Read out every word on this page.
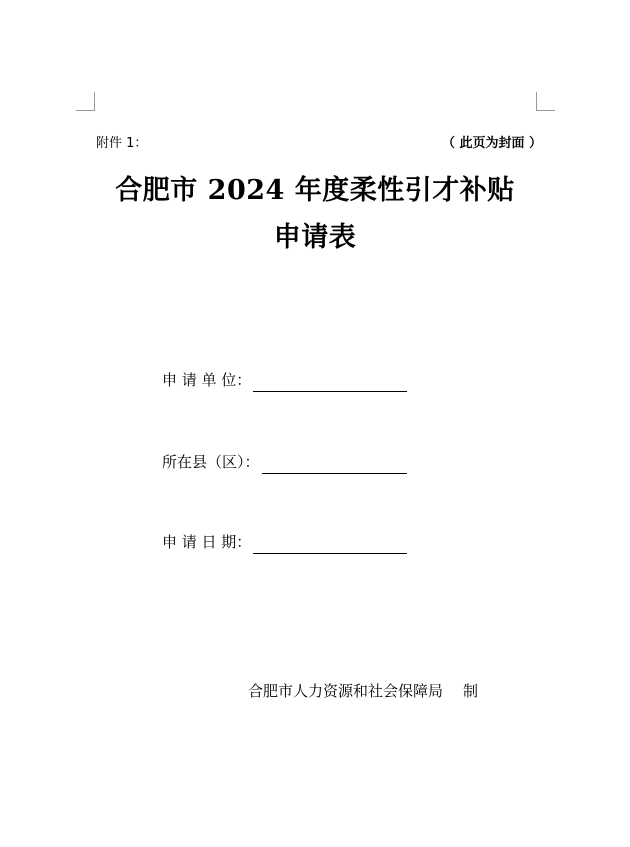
附件 1：	（ 此页为封面 ）
合肥市 2024 年度柔性引才补贴
申请表
申 请 单 位：
所在县（区）：
申 请 日 期：
合肥市人力资源和社会保障局 制
